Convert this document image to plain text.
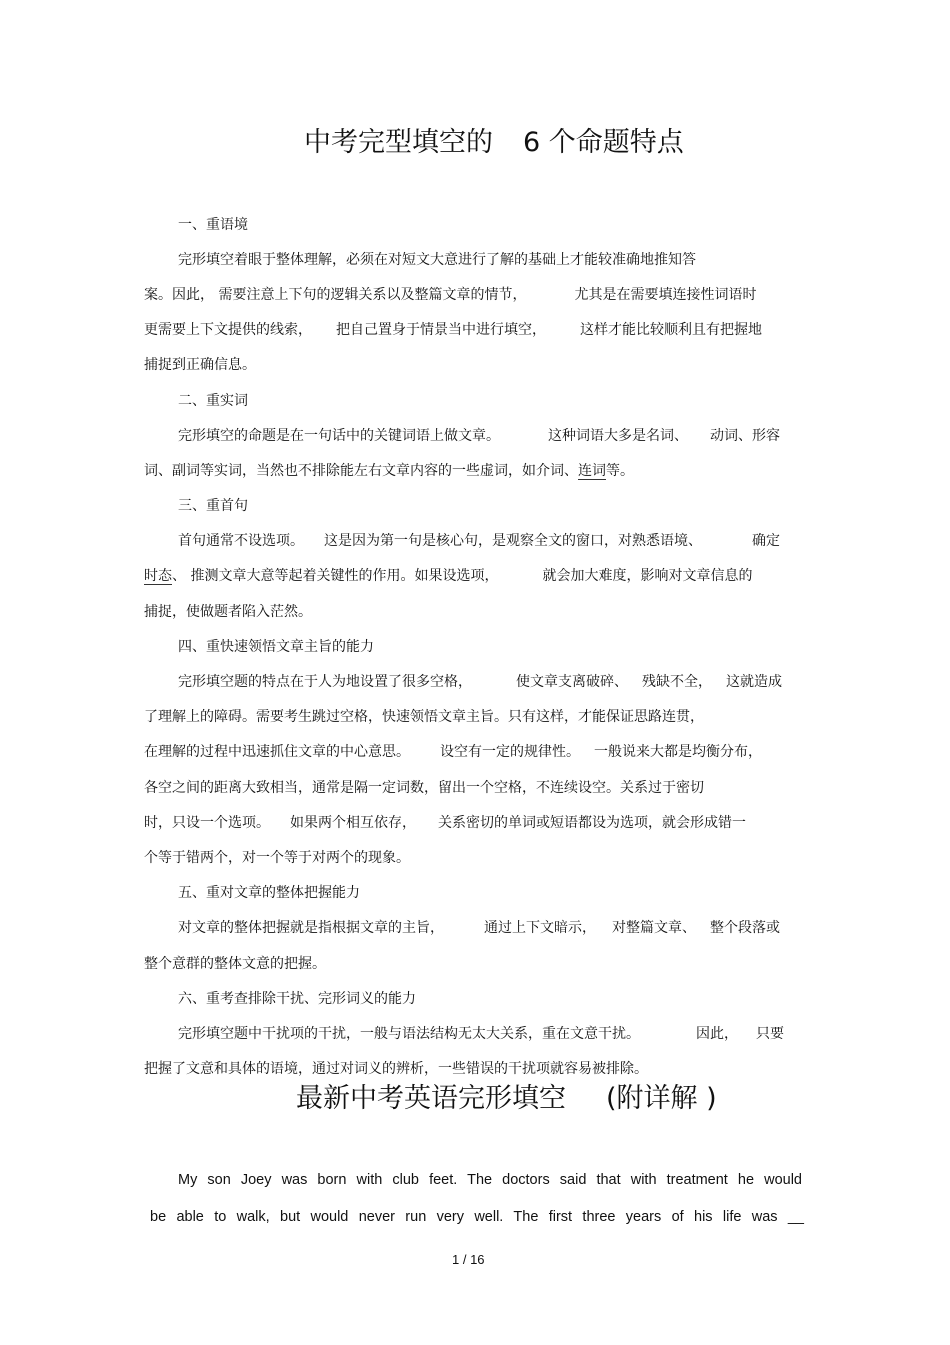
中考完型填空的 6 个命题特点
一、重语境
完形填空着眼于整体理解，必须在对短文大意进行了解的基础上才能较准确地推知答
案。因此， 需要注意上下句的逻辑关系以及整篇文章的情节，	尤其是在需要填连接性词语时
更需要上下文提供的线索， 把自己置身于情景当中进行填空， 这样才能比较顺利且有把握地
捕捉到正确信息。
二、重实词
完形填空的命题是在一句话中的关键词语上做文章。	这种词语大多是名词、 动词、形容
词、副词等实词，当然也不排除能左右文章内容的一些虚词，如介词、连词等。
三、重首句
首句通常不设选项。 这是因为第一句是核心句，是观察全文的窗口，对熟悉语境、	确定
时态、 推测文章大意等起着关键性的作用。如果设选项，	就会加大难度，影响对文章信息的
捕捉，使做题者陷入茫然。
四、重快速领悟文章主旨的能力
完形填空题的特点在于人为地设置了很多空格，	使文章支离破碎、 残缺不全， 这就造成
了理解上的障碍。需要考生跳过空格，快速领悟文章主旨。只有这样，才能保证思路连贯，
在理解的过程中迅速抓住文章的中心意思。 设空有一定的规律性。 一般说来大都是均衡分布，
各空之间的距离大致相当，通常是隔一定词数，留出一个空格，不连续设空。关系过于密切
时，只设一个选项。 如果两个相互依存， 关系密切的单词或短语都设为选项，就会形成错一
个等于错两个，对一个等于对两个的现象。
五、重对文章的整体把握能力
对文章的整体把握就是指根据文章的主旨，	通过上下文暗示， 对整篇文章、 整个段落或
整个意群的整体文意的把握。
六、重考查排除干扰、完形词义的能力
完形填空题中干扰项的干扰，一般与语法结构无太大关系，重在文意干扰。	因此， 只要
把握了文意和具体的语境，通过对词义的辨析，一些错误的干扰项就容易被排除。
最新中考英语完形填空 (附详解 )
My son Joey was born with club feet. The doctors said that with treatment he would
be able to walk, but would never run very well. The first three years of his life was __
1 / 16
